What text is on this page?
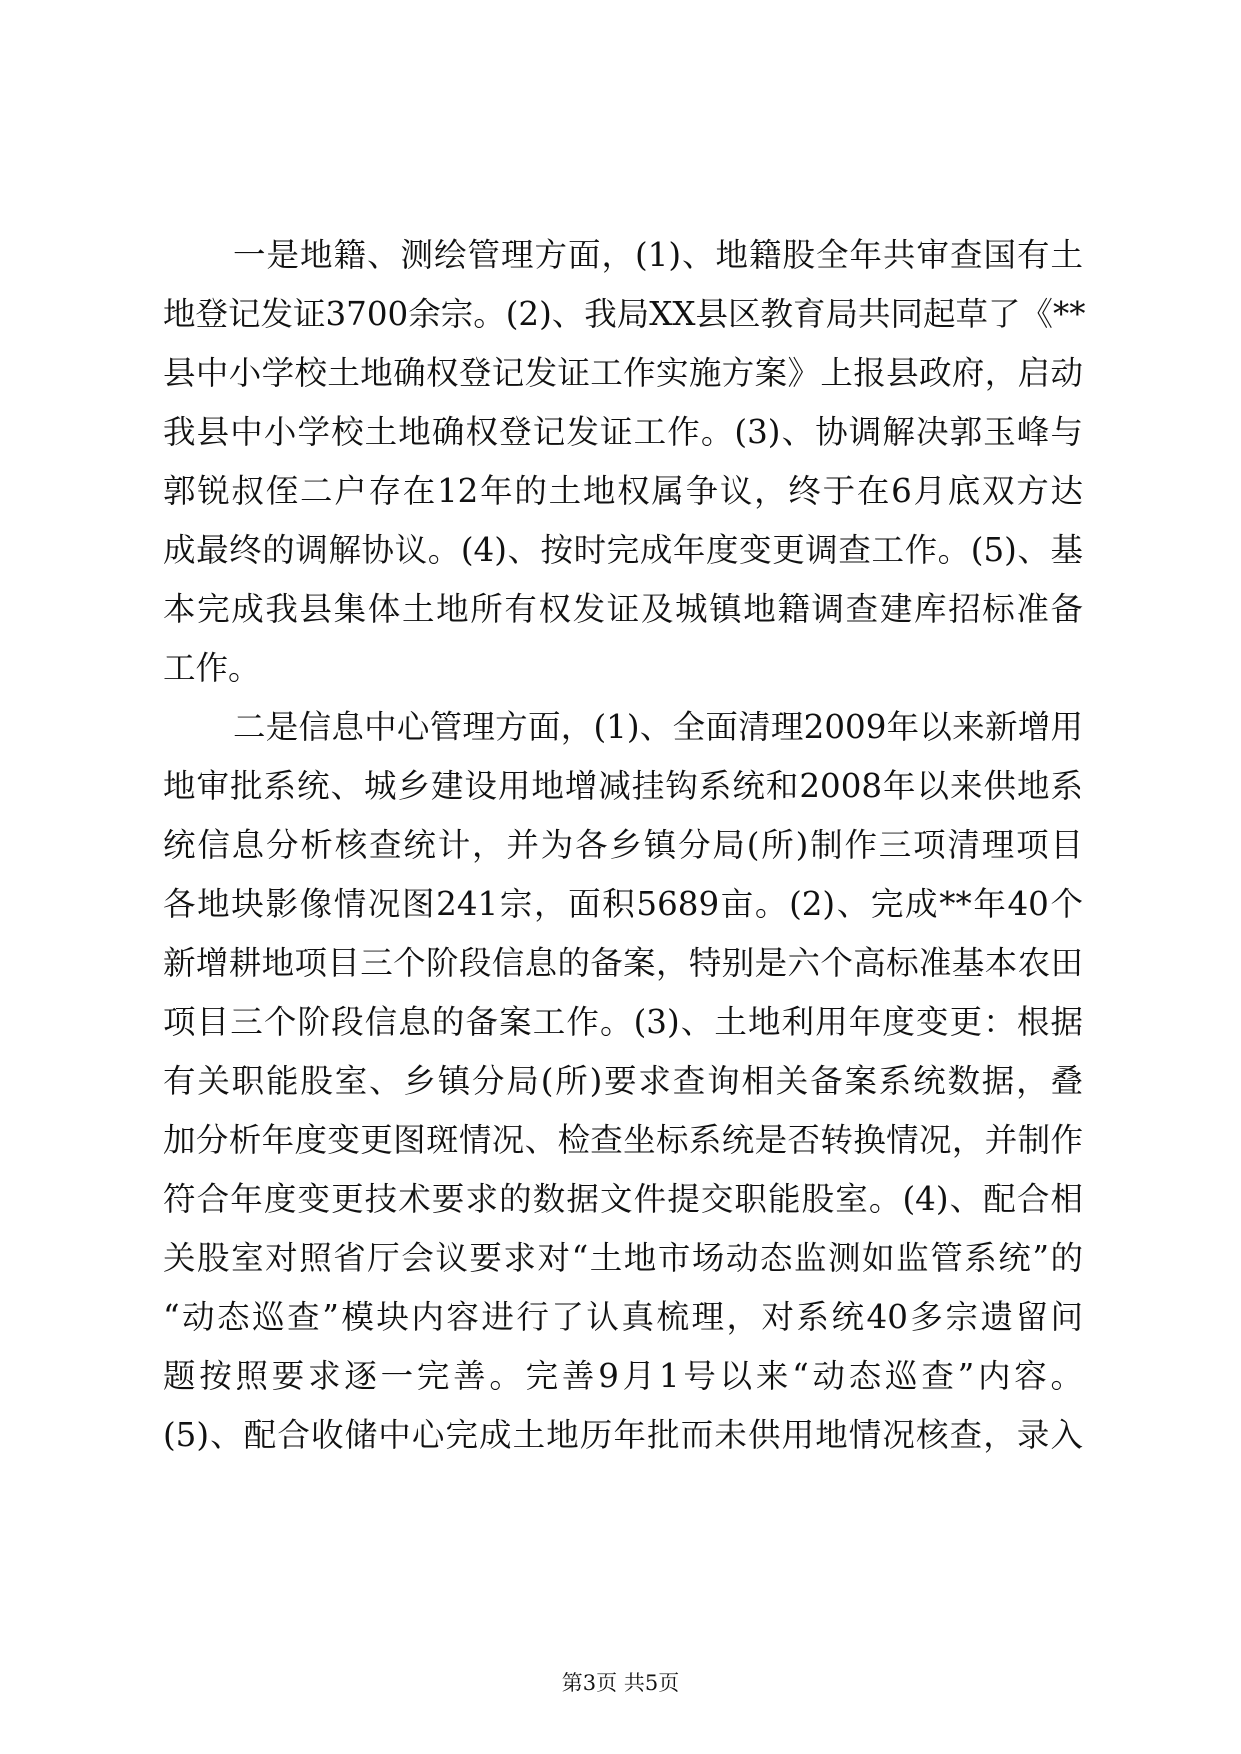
一是地籍、测绘管理方面，(1)、地籍股全年共审查国有土
地登记发证3700余宗。(2)、我局XX县区教育局共同起草了《**
县中小学校土地确权登记发证工作实施方案》上报县政府，启动
我县中小学校土地确权登记发证工作。(3)、协调解决郭玉峰与
郭锐叔侄二户存在12年的土地权属争议，终于在6月底双方达
成最终的调解协议。(4)、按时完成年度变更调查工作。(5)、基
本完成我县集体土地所有权发证及城镇地籍调查建库招标准备
工作。
二是信息中心管理方面，(1)、全面清理2009年以来新增用
地审批系统、城乡建设用地增减挂钩系统和2008年以来供地系
统信息分析核查统计，并为各乡镇分局(所)制作三项清理项目
各地块影像情况图241宗，面积5689亩。(2)、完成**年40个
新增耕地项目三个阶段信息的备案，特别是六个高标准基本农田
项目三个阶段信息的备案工作。(3)、土地利用年度变更：根据
有关职能股室、乡镇分局(所)要求查询相关备案系统数据，叠
加分析年度变更图斑情况、检查坐标系统是否转换情况，并制作
符合年度变更技术要求的数据文件提交职能股室。(4)、配合相
关股室对照省厅会议要求对“土地市场动态监测如监管系统”的
“动态巡查”模块内容进行了认真梳理，对系统40多宗遗留问
题按照要求逐一完善。完善9月1号以来“动态巡查”内容。
(5)、配合收储中心完成土地历年批而未供用地情况核查，录入
第3页 共5页
